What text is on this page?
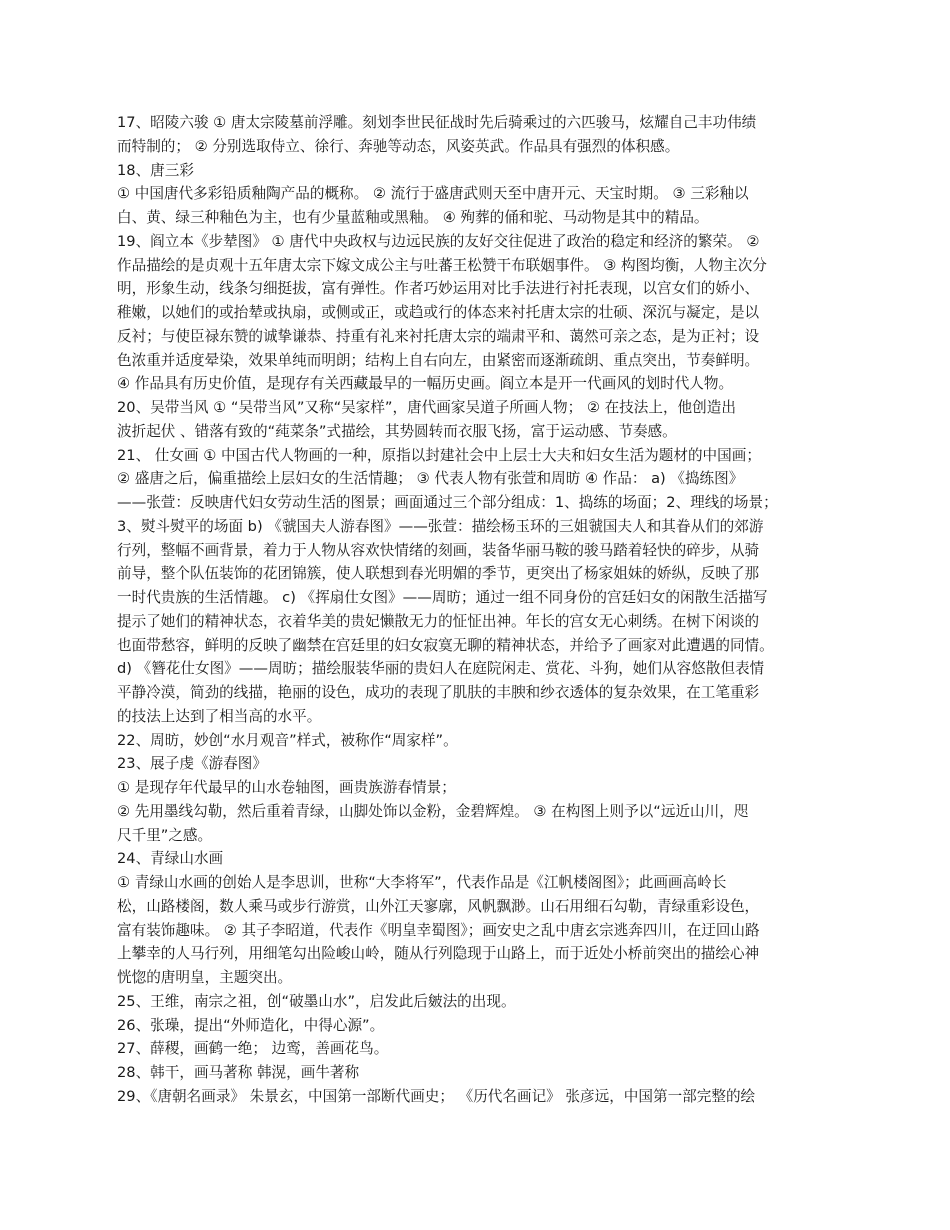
17、昭陵六骏 ① 唐太宗陵墓前浮雕。刻划李世民征战时先后骑乘过的六匹骏马，炫耀自己丰功伟绩
而特制的； ② 分别选取侍立、徐行、奔驰等动态，风姿英武。作品具有强烈的体积感。
18、唐三彩
① 中国唐代多彩铅质釉陶产品的概称。 ② 流行于盛唐武则天至中唐开元、天宝时期。 ③ 三彩釉以
白、黄、绿三种釉色为主，也有少量蓝釉或黑釉。 ④ 殉葬的俑和驼、马动物是其中的精品。
19、阎立本《步辇图》 ① 唐代中央政权与边远民族的友好交往促进了政治的稳定和经济的繁荣。 ②
作品描绘的是贞观十五年唐太宗下嫁文成公主与吐蕃王松赞干布联姻事件。 ③ 构图均衡，人物主次分
明，形象生动，线条匀细挺拔，富有弹性。作者巧妙运用对比手法进行衬托表现，以宫女们的娇小、
稚嫩，以她们的或抬辇或执扇，或侧或正，或趋或行的体态来衬托唐太宗的壮硕、深沉与凝定，是以
反衬；与使臣禄东赞的诚挚谦恭、持重有礼来衬托唐太宗的端肃平和、蔼然可亲之态，是为正衬；设
色浓重并适度晕染，效果单纯而明朗；结构上自右向左，由紧密而逐渐疏朗、重点突出，节奏鲜明。
④ 作品具有历史价值，是现存有关西藏最早的一幅历史画。阎立本是开一代画风的划时代人物。
20、吴带当风 ① “吴带当风”又称“吴家样”，唐代画家吴道子所画人物； ② 在技法上，他创造出
波折起伏 、错落有致的“莼菜条”式描绘，其势圆转而衣服飞扬，富于运动感、节奏感。
21、 仕女画 ① 中国古代人物画的一种，原指以封建社会中上层士大夫和妇女生活为题材的中国画；
② 盛唐之后，偏重描绘上层妇女的生活情趣； ③ 代表人物有张萱和周昉 ④ 作品： a) 《捣练图》
——张萱：反映唐代妇女劳动生活的图景；画面通过三个部分组成：1、捣练的场面；2、理线的场景；
3、熨斗熨平的场面 b) 《虢国夫人游春图》——张萱：描绘杨玉环的三姐虢国夫人和其眷从们的郊游
行列，整幅不画背景，着力于人物从容欢快情绪的刻画，装备华丽马鞍的骏马踏着轻快的碎步，从骑
前导，整个队伍装饰的花团锦簇，使人联想到春光明媚的季节，更突出了杨家姐妹的娇纵，反映了那
一时代贵族的生活情趣。 c) 《挥扇仕女图》——周昉；通过一组不同身份的宫廷妇女的闲散生活描写
提示了她们的精神状态，衣着华美的贵妃懒散无力的怔怔出神。年长的宫女无心刺绣。在树下闲谈的
也面带愁容，鲜明的反映了幽禁在宫廷里的妇女寂寞无聊的精神状态，并给予了画家对此遭遇的同情。
d) 《簪花仕女图》——周昉；描绘服装华丽的贵妇人在庭院闲走、赏花、斗狗，她们从容悠散但表情
平静冷漠，简劲的线描，艳丽的设色，成功的表现了肌肤的丰腴和纱衣透体的复杂效果，在工笔重彩
的技法上达到了相当高的水平。
22、周昉，妙创“水月观音”样式，被称作“周家样”。
23、展子虔《游春图》
① 是现存年代最早的山水卷轴图，画贵族游春情景；
② 先用墨线勾勒，然后重着青绿，山脚处饰以金粉，金碧辉煌。 ③ 在构图上则予以“远近山川，咫
尺千里”之感。
24、青绿山水画
① 青绿山水画的创始人是李思训，世称“大李将军”，代表作品是《江帆楼阁图》；此画画高岭长
松，山路楼阁，数人乘马或步行游赏，山外江天寥廓，风帆飘渺。山石用细石勾勒，青绿重彩设色，
富有装饰趣味。 ② 其子李昭道，代表作《明皇幸蜀图》；画安史之乱中唐玄宗逃奔四川，在迂回山路
上攀幸的人马行列，用细笔勾出险峻山岭，随从行列隐现于山路上，而于近处小桥前突出的描绘心神
恍惚的唐明皇，主题突出。
25、王维，南宗之祖，创“破墨山水”，启发此后皴法的出现。
26、张璪，提出“外师造化，中得心源”。
27、薛稷，画鹤一绝； 边鸾，善画花鸟。
28、韩干，画马著称 韩滉，画牛著称
29、《唐朝名画录》 朱景玄，中国第一部断代画史； 《历代名画记》 张彦远，中国第一部完整的绘
